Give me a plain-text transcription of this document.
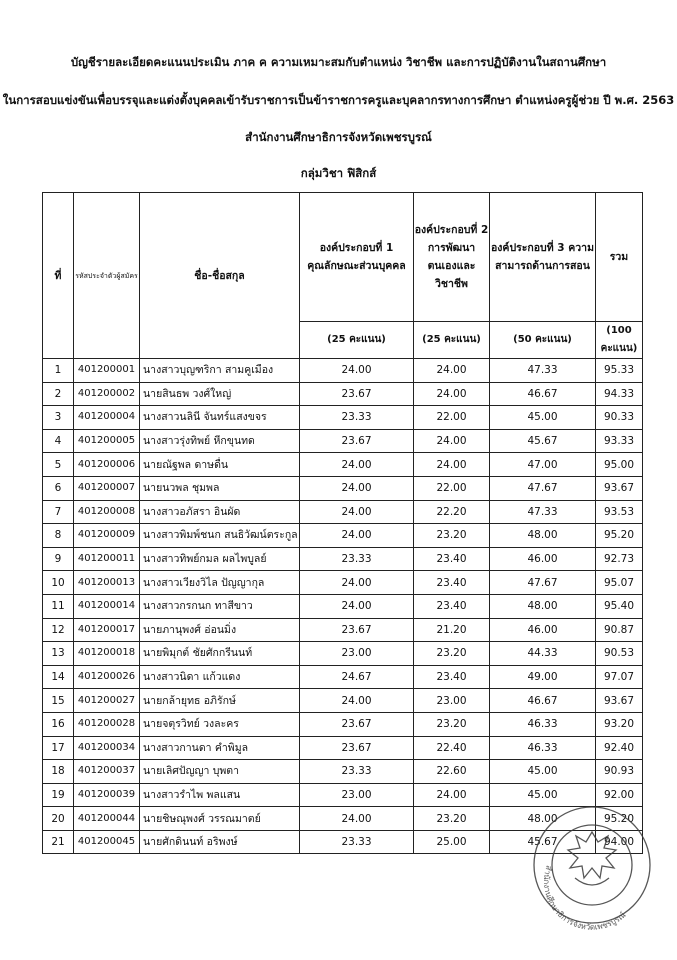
บัญชีรายละเอียดคะแนนประเมิน ภาค ค ความเหมาะสมกับตำแหน่ง วิชาชีพ และการปฏิบัติงานในสถานศึกษา
ในการสอบแข่งขันเพื่อบรรจุและแต่งตั้งบุคคลเข้ารับราชการเป็นข้าราชการครูและบุคลากรทางการศึกษา ตำแหน่งครูผู้ช่วย ปี พ.ศ. 2563
สำนักงานศึกษาธิการจังหวัดเพชรบูรณ์
กลุ่มวิชา ฟิสิกส์
ที่	รหัสประจำตัวผู้สมัคร	ชื่อ-ชื่อสกุล	องค์ประกอบที่ 1 คุณลักษณะส่วนบุคคล	องค์ประกอบที่ 2 การพัฒนาตนเองและวิชาชีพ	องค์ประกอบที่ 3 ความสามารถด้านการสอน	รวม
			(25 คะแนน)	(25 คะแนน)	(50 คะแนน)	(100 คะแนน)
1	401200001	นางสาวบุญฑริกา สามคูเมือง	24.00	24.00	47.33	95.33
2	401200002	นายสินธพ วงศ์ใหญ่	23.67	24.00	46.67	94.33
3	401200004	นางสาวนลินี จันทร์แสงขจร	23.33	22.00	45.00	90.33
4	401200005	นางสาวรุ่งทิพย์ หีกขุนทด	23.67	24.00	45.67	93.33
5	401200006	นายณัฐพล ดาษดื่น	24.00	24.00	47.00	95.00
6	401200007	นายนวพล ชุมพล	24.00	22.00	47.67	93.67
7	401200008	นางสาวอภัสรา อินผัด	24.00	22.20	47.33	93.53
8	401200009	นางสาวพิมพ์ชนก สนธิวัฒน์ตระกูล	24.00	23.20	48.00	95.20
9	401200011	นางสาวทิพย์กมล ผลไพบูลย์	23.33	23.40	46.00	92.73
10	401200013	นางสาวเวียงวิไล ปัญญากุล	24.00	23.40	47.67	95.07
11	401200014	นางสาวกรกนก ทาสีขาว	24.00	23.40	48.00	95.40
12	401200017	นายภานุพงศ์ อ่อนมิ่ง	23.67	21.20	46.00	90.87
13	401200018	นายพิมุกต์ ชัยศักกรีนนท์	23.00	23.20	44.33	90.53
14	401200026	นางสาวนิดา แก้วแดง	24.67	23.40	49.00	97.07
15	401200027	นายกล้ายุทธ อภิรักษ์	24.00	23.00	46.67	93.67
16	401200028	นายจตุรวิทย์ วงละคร	23.67	23.20	46.33	93.20
17	401200034	นางสาวกานดา คำพิมูล	23.67	22.40	46.33	92.40
18	401200037	นายเลิศปัญญา บุพตา	23.33	22.60	45.00	90.93
19	401200039	นางสาวรำไพ พลแสน	23.00	24.00	45.00	92.00
20	401200044	นายชิษณุพงศ์ วรรณมาตย์	24.00	23.20	48.00	95.20
21	401200045	นายศักดินนท์ อริพงษ์	23.33	25.00	45.67	94.00
สำนักงานศึกษาธิการจังหวัดเพชรบูรณ์
